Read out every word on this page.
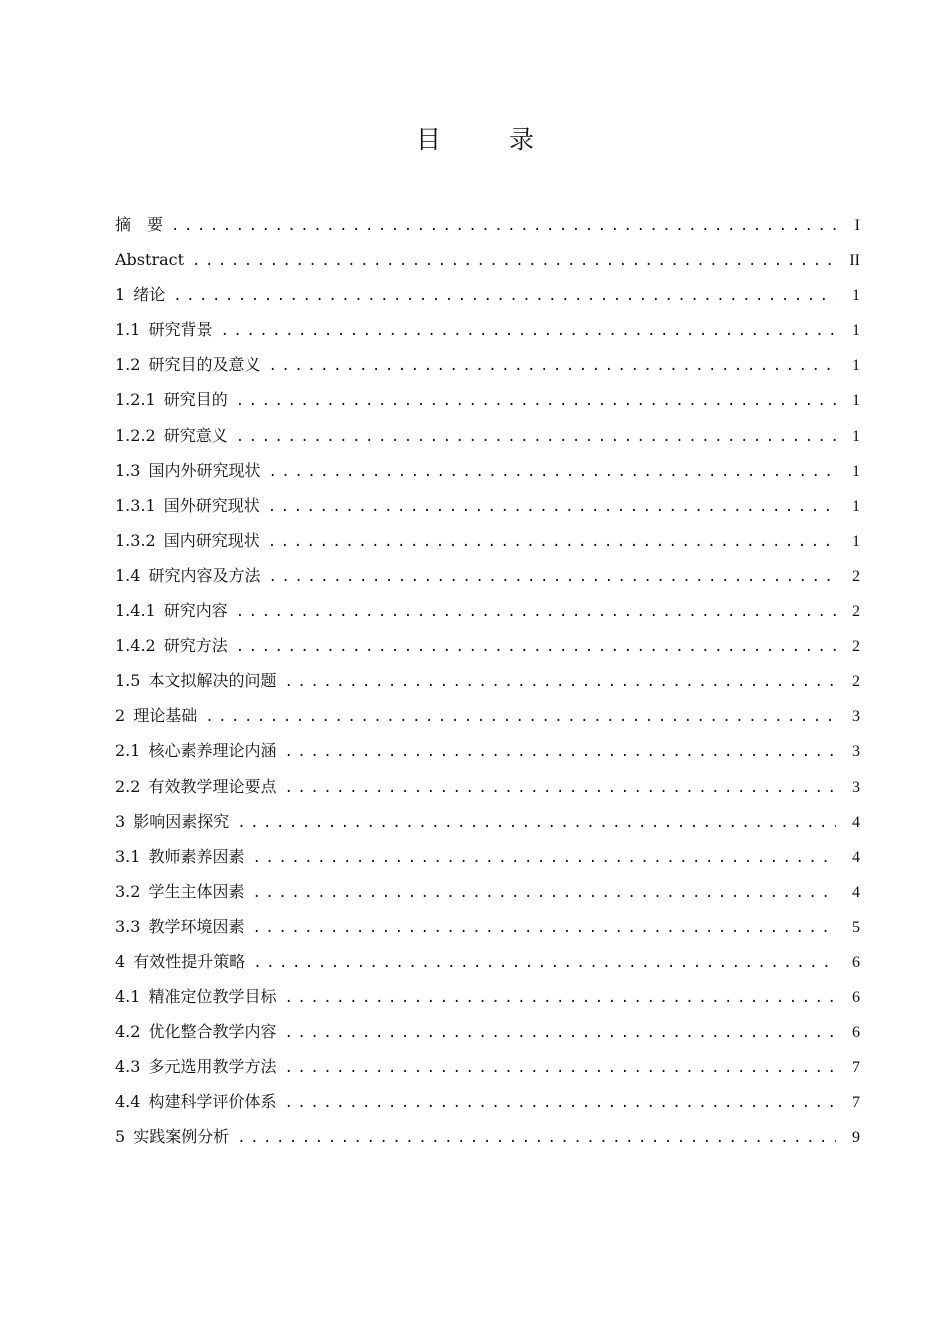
目 录
摘　要 .....	I
Abstract .....	II
1 绪论 .....	1
1.1 研究背景 .....	1
1.2 研究目的及意义 .....	1
1.2.1 研究目的 .....	1
1.2.2 研究意义 .....	1
1.3 国内外研究现状 .....	1
1.3.1 国外研究现状 .....	1
1.3.2 国内研究现状 .....	1
1.4 研究内容及方法 .....	2
1.4.1 研究内容 .....	2
1.4.2 研究方法 .....	2
1.5 本文拟解决的问题 .....	2
2 理论基础 .....	3
2.1 核心素养理论内涵 .....	3
2.2 有效教学理论要点 .....	3
3 影响因素探究 .....	4
3.1 教师素养因素 .....	4
3.2 学生主体因素 .....	4
3.3 教学环境因素 .....	5
4 有效性提升策略 .....	6
4.1 精准定位教学目标 .....	6
4.2 优化整合教学内容 .....	6
4.3 多元选用教学方法 .....	7
4.4 构建科学评价体系 .....	7
5 实践案例分析 .....	9
